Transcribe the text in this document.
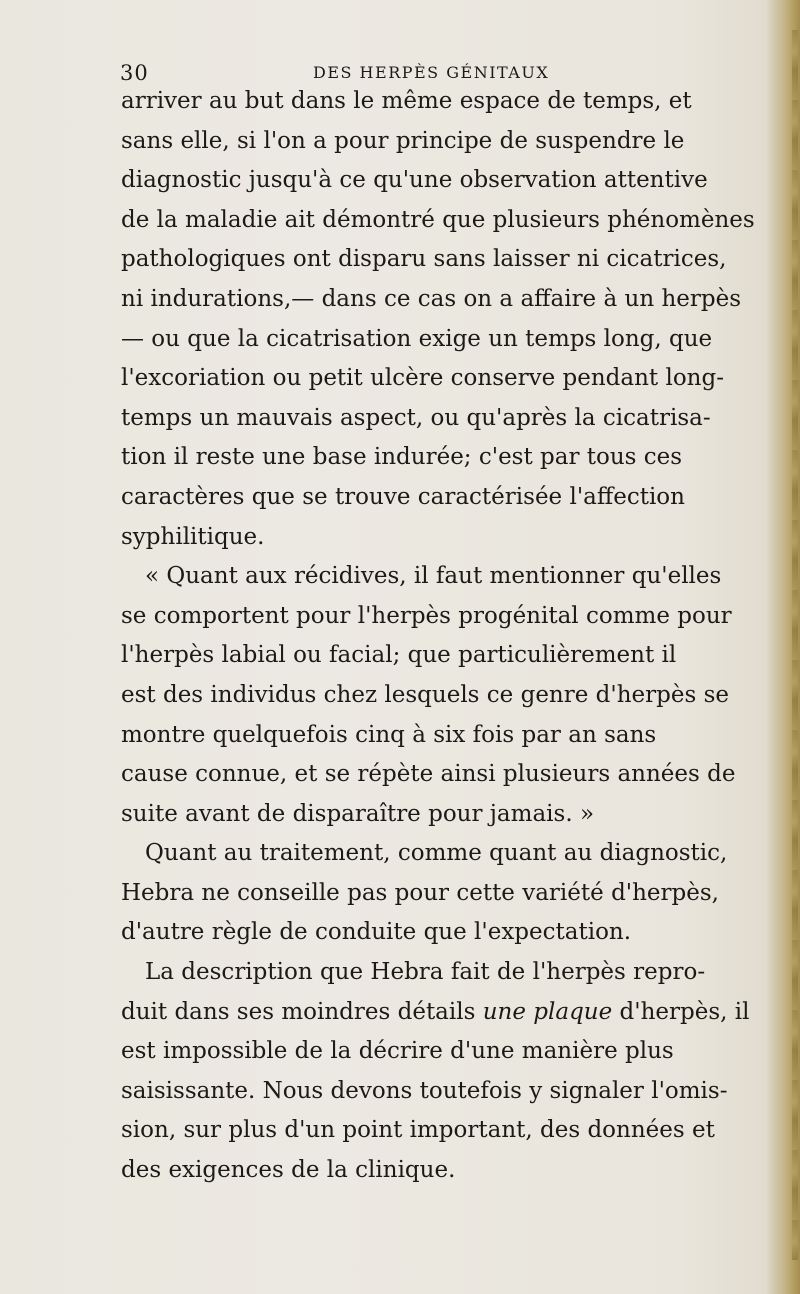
30	DES HERPÈS GÉNITAUX
arriver au but dans le même espace de temps, et
sans elle, si l'on a pour principe de suspendre le
diagnostic jusqu'à ce qu'une observation attentive
de la maladie ait démontré que plusieurs phénomènes
pathologiques ont disparu sans laisser ni cicatrices,
ni indurations,— dans ce cas on a affaire à un herpès
— ou que la cicatrisation exige un temps long, que
l'excoriation ou petit ulcère conserve pendant long-
temps un mauvais aspect, ou qu'après la cicatrisa-
tion il reste une base indurée; c'est par tous ces
caractères que se trouve caractérisée l'affection
syphilitique.
« Quant aux récidives, il faut mentionner qu'elles
se comportent pour l'herpès progénital comme pour
l'herpès labial ou facial; que particulièrement il
est des individus chez lesquels ce genre d'herpès se
montre quelquefois cinq à six fois par an sans
cause connue, et se répète ainsi plusieurs années de
suite avant de disparaître pour jamais. »
Quant au traitement, comme quant au diagnostic,
Hebra ne conseille pas pour cette variété d'herpès,
d'autre règle de conduite que l'expectation.
La description que Hebra fait de l'herpès repro-
duit dans ses moindres détails une plaque d'herpès, il
est impossible de la décrire d'une manière plus
saisissante. Nous devons toutefois y signaler l'omis-
sion, sur plus d'un point important, des données et
des exigences de la clinique.
